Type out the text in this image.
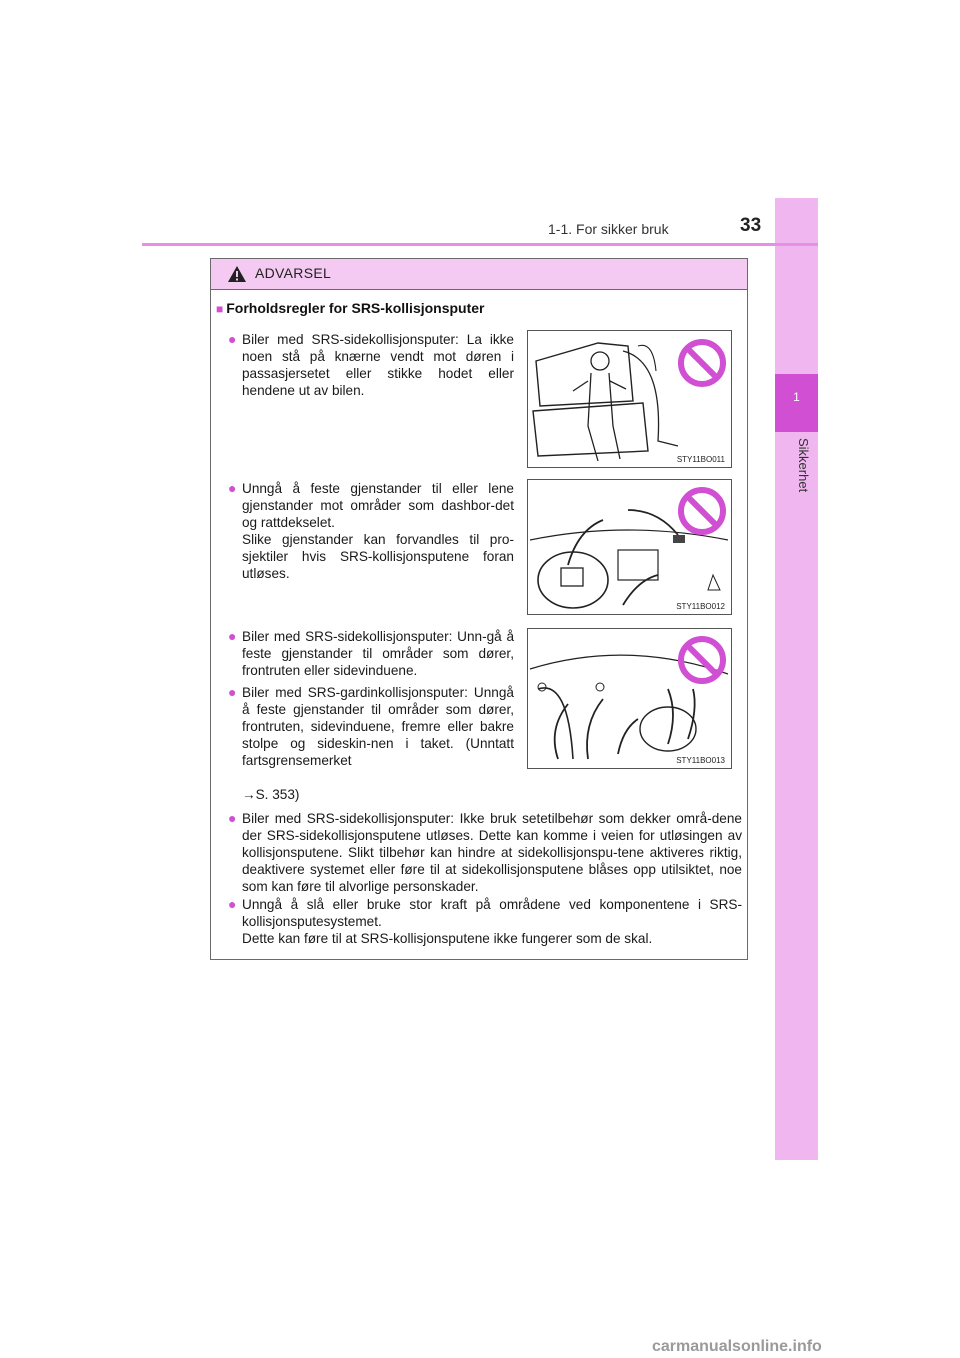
1
Sikkerhet
1-1. For sikker bruk	33
ADVARSEL
■ Forholdsregler for SRS-kollisjonsputer
● Biler med SRS-sidekollisjonsputer: La ikke noen stå på knærne vendt mot døren i passasjersetet eller stikke hodet eller hendene ut av bilen.
● Unngå å feste gjenstander til eller lene gjenstander mot områder som dashbor-det og rattdekselet.
Slike gjenstander kan forvandles til pro-sjektiler hvis SRS-kollisjonsputene foran utløses.
● Biler med SRS-sidekollisjonsputer: Unn-gå å feste gjenstander til områder som dører, frontruten eller sidevinduene.
● Biler med SRS-gardinkollisjonsputer: Unngå å feste gjenstander til områder som dører, frontruten, sidevinduene, fremre eller bakre stolpe og sideskin-nen i taket. (Unntatt fartsgrensemerket
→S. 353)
● Biler med SRS-sidekollisjonsputer: Ikke bruk setetilbehør som dekker områ-dene der SRS-sidekollisjonsputene utløses. Dette kan komme i veien for utløsingen av kollisjonsputene. Slikt tilbehør kan hindre at sidekollisjonspu-tene aktiveres riktig, deaktivere systemet eller føre til at sidekollisjonsputene blåses opp utilsiktet, noe som kan føre til alvorlige personskader.
● Unngå å slå eller bruke stor kraft på områdene ved komponentene i SRS-kollisjonsputesystemet.
Dette kan føre til at SRS-kollisjonsputene ikke fungerer som de skal.
STY11BO011
STY11BO012
STY11BO013
carmanualsonline.info
